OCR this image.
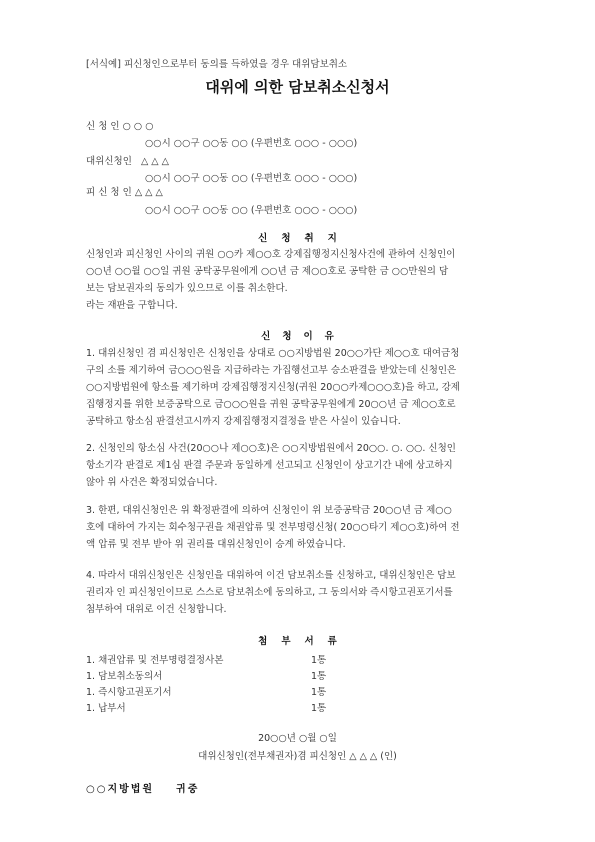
[서식예] 피신청인으로부터 동의를 득하였을 경우 대위담보취소
대위에 의한 담보취소신청서
신 청 인 ○ ○ ○
○○시 ○○구 ○○동 ○○ (우편번호 ○○○ - ○○○)
대위신청인 △ △ △
○○시 ○○구 ○○동 ○○ (우편번호 ○○○ - ○○○)
피 신 청 인 △ △ △
○○시 ○○구 ○○동 ○○ (우편번호 ○○○ - ○○○)
신청취지
신청인과 피신청인 사이의 귀원 ○○카 제○○호 강제집행정지신청사건에 관하여 신청인이
○○년 ○○월 ○○일 귀원 공탁공무원에게 ○○년 금 제○○호로 공탁한 금 ○○만원의 담
보는 담보권자의 동의가 있으므로 이를 취소한다.
라는 재판을 구합니다.
신청이유
1. 대위신청인 겸 피신청인은 신청인을 상대로 ○○지방법원 20○○가단 제○○호 대여금청
구의 소를 제기하여 금○○○원을 지급하라는 가집행선고부 승소판결을 받았는데 신청인은
○○지방법원에 항소를 제기하며 강제집행정지신청(귀원 20○○카제○○○호)을 하고, 강제
집행정지를 위한 보증공탁으로 금○○○원을 귀원 공탁공무원에게 20○○년 금 제○○호로
공탁하고 항소심 판결선고시까지 강제집행정지결정을 받은 사실이 있습니다.
2. 신청인의 항소심 사건(20○○나 제○○호)은 ○○지방법원에서 20○○. ○. ○○. 신청인
항소기각 판결로 제1심 판결 주문과 동일하게 선고되고 신청인이 상고기간 내에 상고하지
않아 위 사건은 확정되었습니다.
3. 한편, 대위신청인은 위 확정판결에 의하여 신청인이 위 보증공탁금 20○○년 금 제○○
호에 대하여 가지는 회수청구권을 채권압류 및 전부명령신청( 20○○타기 제○○호)하여 전
액 압류 및 전부 받아 위 권리를 대위신청인이 승계 하였습니다.
4. 따라서 대위신청인은 신청인을 대위하여 이건 담보취소를 신청하고, 대위신청인은 담보
권리자 인 피신청인이므로 스스로 담보취소에 동의하고, 그 동의서와 즉시항고권포기서를
첨부하여 대위로 이건 신청합니다.
첨부서류
1. 채권압류 및 전부명령결정사본	1통
1. 담보취소동의서	1통
1. 즉시항고권포기서	1통
1. 납부서	1통
20○○년 ○월 ○일
대위신청인(전부채권자)겸 피신청인 △ △ △ (인)
○○지방법원 귀중
